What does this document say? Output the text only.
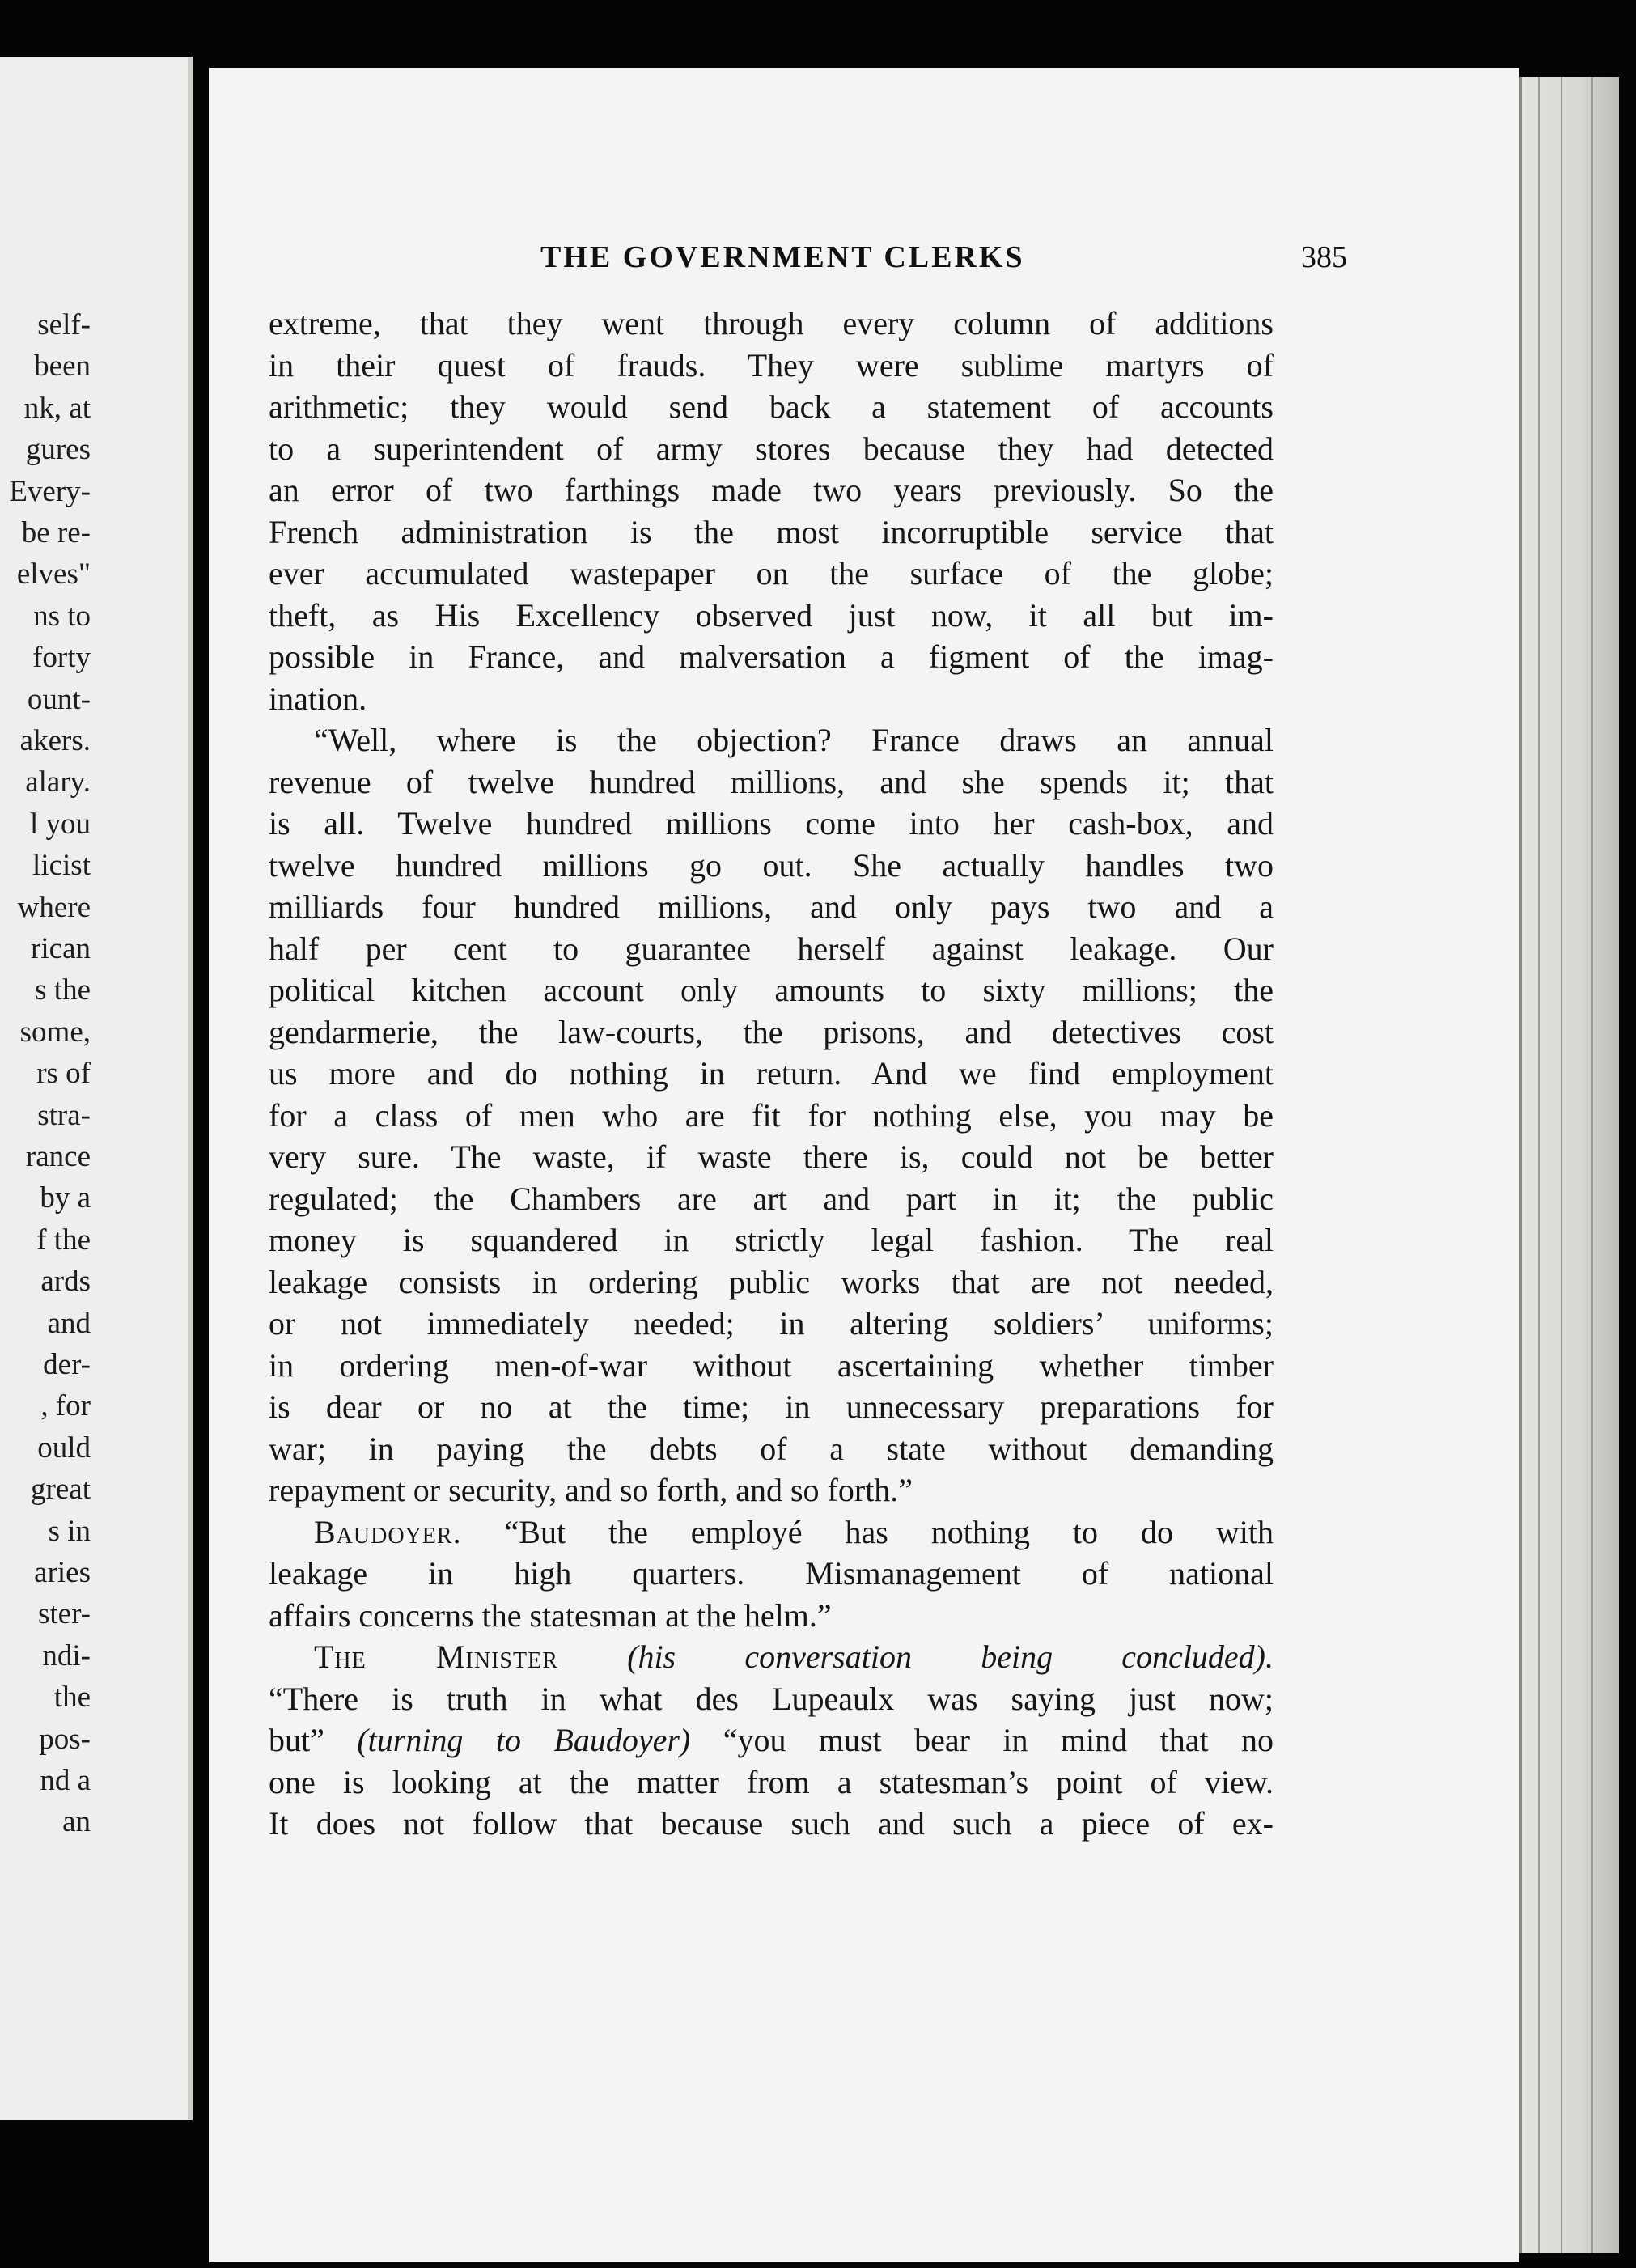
self-
been
nk, at
gures
Every-
be re-
elves"
ns to
forty
ount-
akers.
alary.
l you
licist
where
rican
s the
some,
rs of
stra-
rance
by a
f the
ards
and
der-
, for
ould
great
s in
aries
ster-
ndi-
the
pos-
nd a
an
THE GOVERNMENT CLERKS	385
extreme, that they went through every column of additions
in their quest of frauds. They were sublime martyrs of
arithmetic; they would send back a statement of accounts
to a superintendent of army stores because they had detected
an error of two farthings made two years previously. So the
French administration is the most incorruptible service that
ever accumulated wastepaper on the surface of the globe;
theft, as His Excellency observed just now, it all but im-
possible in France, and malversation a figment of the imag-
ination.
“Well, where is the objection? France draws an annual
revenue of twelve hundred millions, and she spends it; that
is all. Twelve hundred millions come into her cash-box, and
twelve hundred millions go out. She actually handles two
milliards four hundred millions, and only pays two and a
half per cent to guarantee herself against leakage. Our
political kitchen account only amounts to sixty millions; the
gendarmerie, the law-courts, the prisons, and detectives cost
us more and do nothing in return. And we find employment
for a class of men who are fit for nothing else, you may be
very sure. The waste, if waste there is, could not be better
regulated; the Chambers are art and part in it; the public
money is squandered in strictly legal fashion. The real
leakage consists in ordering public works that are not needed,
or not immediately needed; in altering soldiers’ uniforms;
in ordering men-of-war without ascertaining whether timber
is dear or no at the time; in unnecessary preparations for
war; in paying the debts of a state without demanding
repayment or security, and so forth, and so forth.”
Baudoyer. “But the employé has nothing to do with
leakage in high quarters. Mismanagement of national
affairs concerns the statesman at the helm.”
The Minister (his conversation being concluded).
“There is truth in what des Lupeaulx was saying just now;
but” (turning to Baudoyer) “you must bear in mind that no
one is looking at the matter from a statesman’s point of view.
It does not follow that because such and such a piece of ex-
